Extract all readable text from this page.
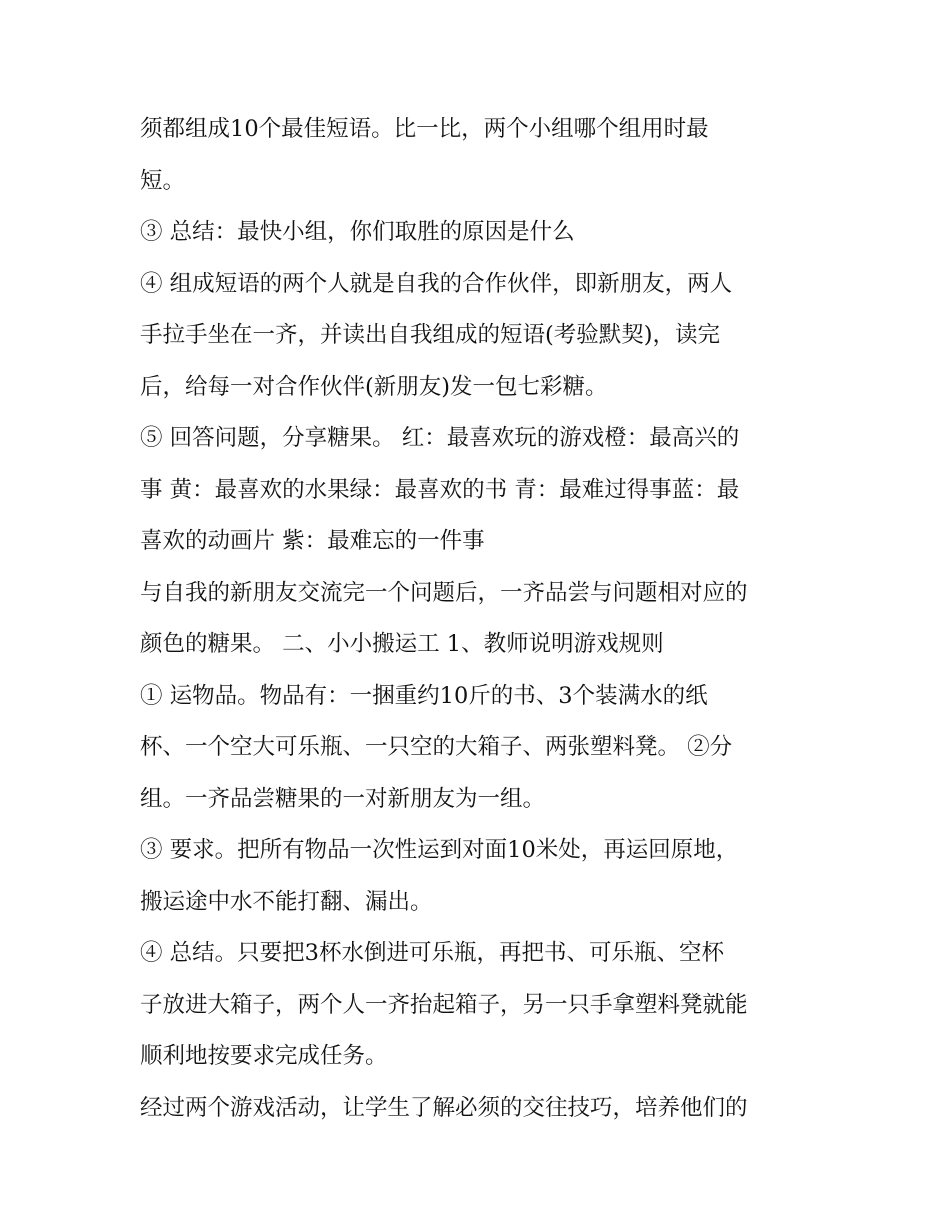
须都组成10个最佳短语。比一比，两个小组哪个组用时最
短。
③ 总结：最快小组，你们取胜的原因是什么
④ 组成短语的两个人就是自我的合作伙伴，即新朋友，两人
手拉手坐在一齐，并读出自我组成的短语(考验默契)，读完
后，给每一对合作伙伴(新朋友)发一包七彩糖。
⑤ 回答问题，分享糖果。 红：最喜欢玩的游戏橙：最高兴的
事 黄：最喜欢的水果绿：最喜欢的书 青：最难过得事蓝：最
喜欢的动画片 紫：最难忘的一件事
与自我的新朋友交流完一个问题后，一齐品尝与问题相对应的
颜色的糖果。 二、小小搬运工 1、教师说明游戏规则
① 运物品。物品有：一捆重约10斤的书、3个装满水的纸
杯、一个空大可乐瓶、一只空的大箱子、两张塑料凳。 ②分
组。一齐品尝糖果的一对新朋友为一组。
③ 要求。把所有物品一次性运到对面10米处，再运回原地，
搬运途中水不能打翻、漏出。
④ 总结。只要把3杯水倒进可乐瓶，再把书、可乐瓶、空杯
子放进大箱子，两个人一齐抬起箱子，另一只手拿塑料凳就能
顺利地按要求完成任务。
经过两个游戏活动，让学生了解必须的交往技巧，培养他们的
